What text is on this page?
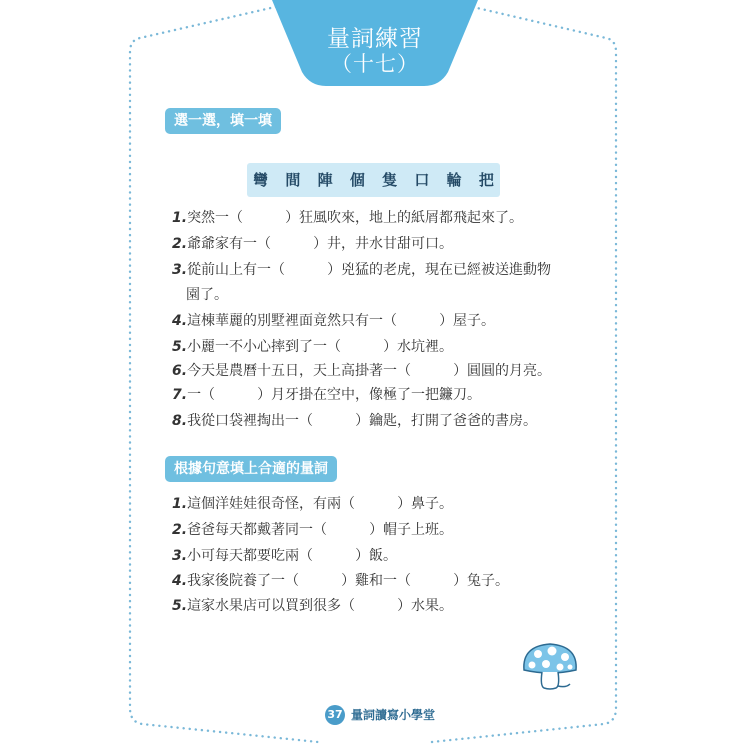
量詞練習
（十七）
選一選，填一填
彎 間 陣 個 隻 口 輪 把
1.突然一（	）狂風吹來，地上的紙屑都飛起來了。
2.爺爺家有一（	）井，井水甘甜可口。
3.從前山上有一（	）兇猛的老虎，現在已經被送進動物
園了。
4.這棟華麗的別墅裡面竟然只有一（	）屋子。
5.小麗一不小心摔到了一（	）水坑裡。
6.今天是農曆十五日，天上高掛著一（	）圓圓的月亮。
7.一（	）月牙掛在空中，像極了一把鐮刀。
8.我從口袋裡掏出一（	）鑰匙，打開了爸爸的書房。
根據句意填上合適的量詞
1.這個洋娃娃很奇怪，有兩（	）鼻子。
2.爸爸每天都戴著同一（	）帽子上班。
3.小可每天都要吃兩（	）飯。
4.我家後院養了一（	）雞和一（	）兔子。
5.這家水果店可以買到很多（	）水果。
37 量詞讀寫小學堂
